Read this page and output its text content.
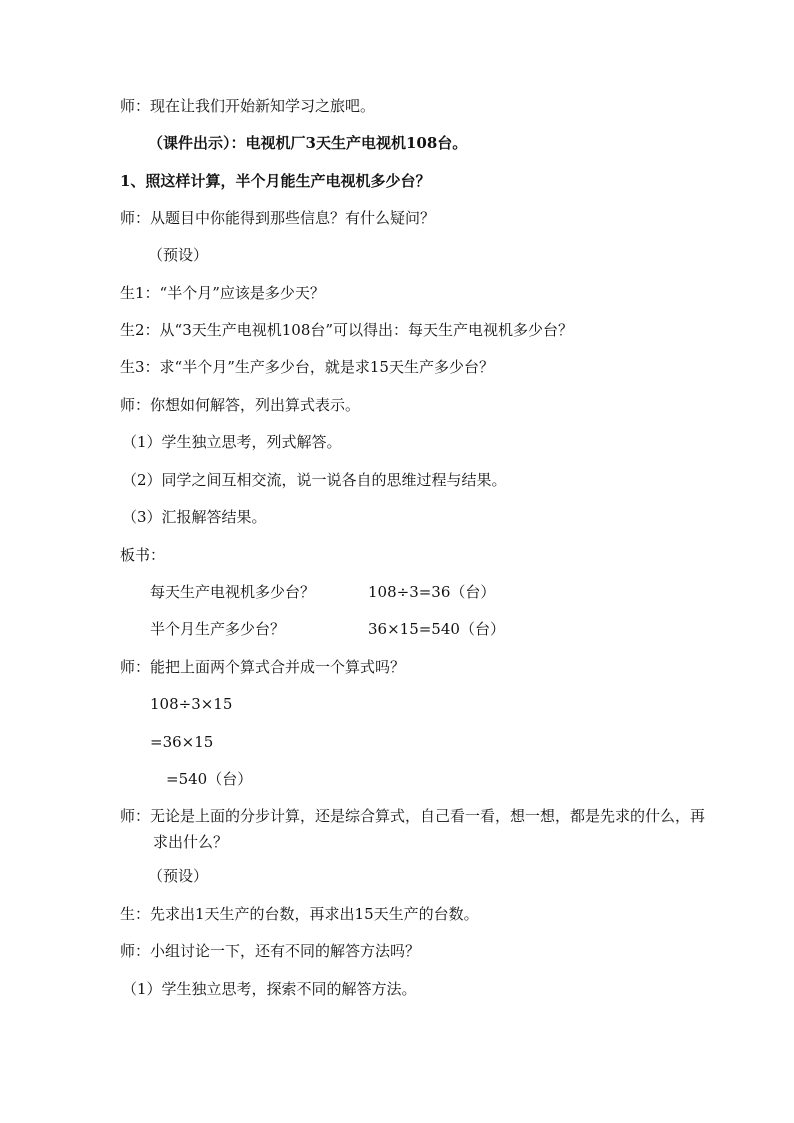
师：现在让我们开始新知学习之旅吧。
（课件出示）：电视机厂3天生产电视机108台。
1、照这样计算，半个月能生产电视机多少台？
师：从题目中你能得到那些信息？有什么疑问？
（预设）
生1：“半个月”应该是多少天？
生2：从“3天生产电视机108台”可以得出：每天生产电视机多少台？
生3：求“半个月”生产多少台，就是求15天生产多少台？
师：你想如何解答，列出算式表示。
（1）学生独立思考，列式解答。
（2）同学之间互相交流，说一说各自的思维过程与结果。
（3）汇报解答结果。
板书：
每天生产电视机多少台？	108÷3=36（台）
半个月生产多少台？	36×15=540（台）
师：能把上面两个算式合并成一个算式吗？
108÷3×15
=36×15
=540（台）
师：无论是上面的分步计算，还是综合算式，自己看一看，想一想，都是先求的什么，再求出什么？
（预设）
生：先求出1天生产的台数，再求出15天生产的台数。
师：小组讨论一下，还有不同的解答方法吗？
（1）学生独立思考，探索不同的解答方法。
